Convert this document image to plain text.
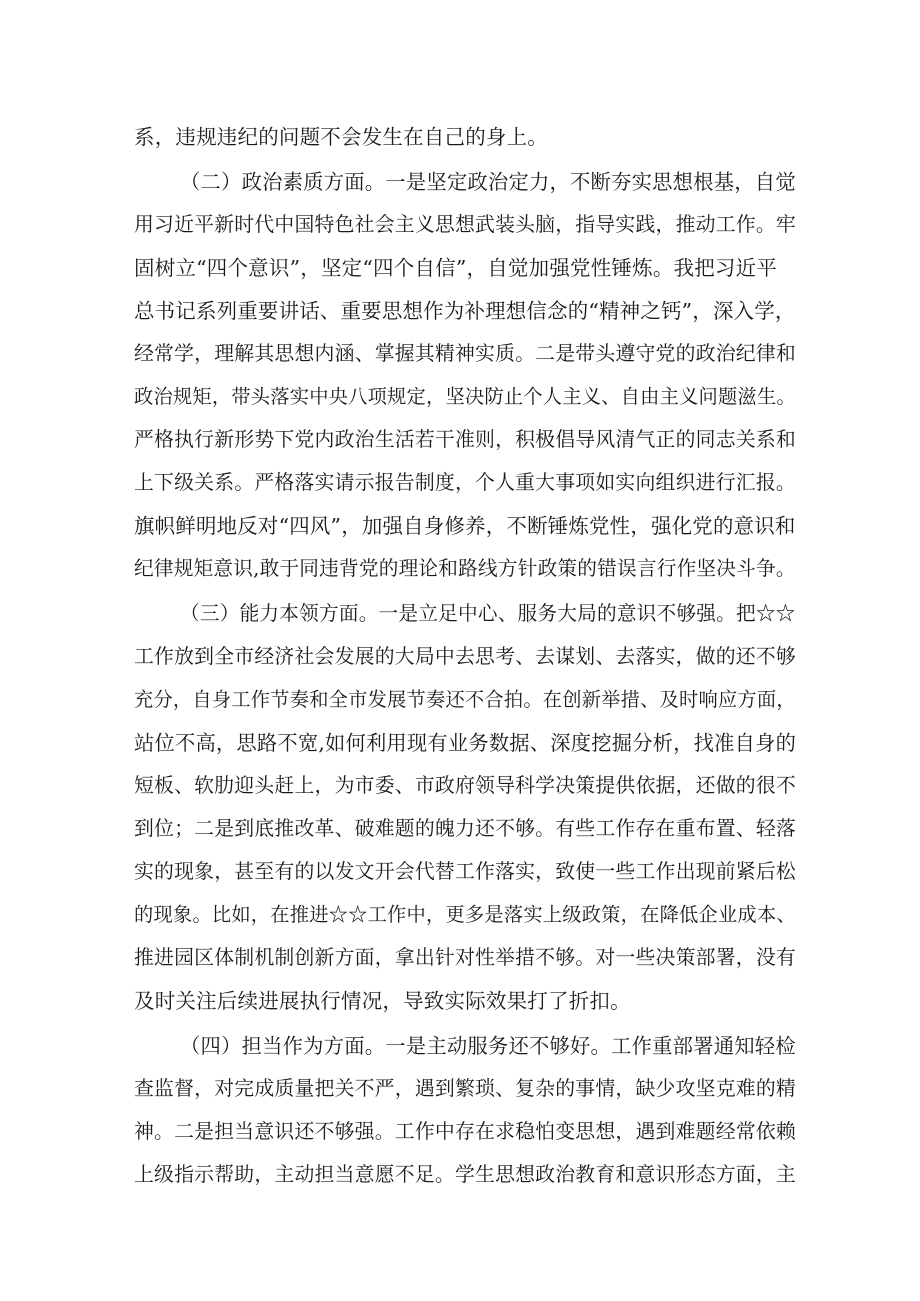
系，违规违纪的问题不会发生在自己的身上。
（二）政治素质方面。一是坚定政治定力，不断夯实思想根基，自觉
用习近平新时代中国特色社会主义思想武装头脑，指导实践，推动工作。牢
固树立“四个意识”，坚定“四个自信”，自觉加强党性锤炼。我把习近平
总书记系列重要讲话、重要思想作为补理想信念的“精神之钙”，深入学，
经常学，理解其思想内涵、掌握其精神实质。二是带头遵守党的政治纪律和
政治规矩，带头落实中央八项规定，坚决防止个人主义、自由主义问题滋生。
严格执行新形势下党内政治生活若干准则，积极倡导风清气正的同志关系和
上下级关系。严格落实请示报告制度，个人重大事项如实向组织进行汇报。
旗帜鲜明地反对“四风”，加强自身修养，不断锤炼党性，强化党的意识和
纪律规矩意识,敢于同违背党的理论和路线方针政策的错误言行作坚决斗争。
（三）能力本领方面。一是立足中心、服务大局的意识不够强。把☆☆
工作放到全市经济社会发展的大局中去思考、去谋划、去落实，做的还不够
充分，自身工作节奏和全市发展节奏还不合拍。在创新举措、及时响应方面，
站位不高，思路不宽,如何利用现有业务数据、深度挖掘分析，找准自身的
短板、软肋迎头赶上，为市委、市政府领导科学决策提供依据，还做的很不
到位；二是到底推改革、破难题的魄力还不够。有些工作存在重布置、轻落
实的现象，甚至有的以发文开会代替工作落实，致使一些工作出现前紧后松
的现象。比如，在推进☆☆工作中，更多是落实上级政策，在降低企业成本、
推进园区体制机制创新方面，拿出针对性举措不够。对一些决策部署，没有
及时关注后续进展执行情况，导致实际效果打了折扣。
（四）担当作为方面。一是主动服务还不够好。工作重部署通知轻检
查监督，对完成质量把关不严，遇到繁琐、复杂的事情，缺少攻坚克难的精
神。二是担当意识还不够强。工作中存在求稳怕变思想，遇到难题经常依赖
上级指示帮助，主动担当意愿不足。学生思想政治教育和意识形态方面，主
